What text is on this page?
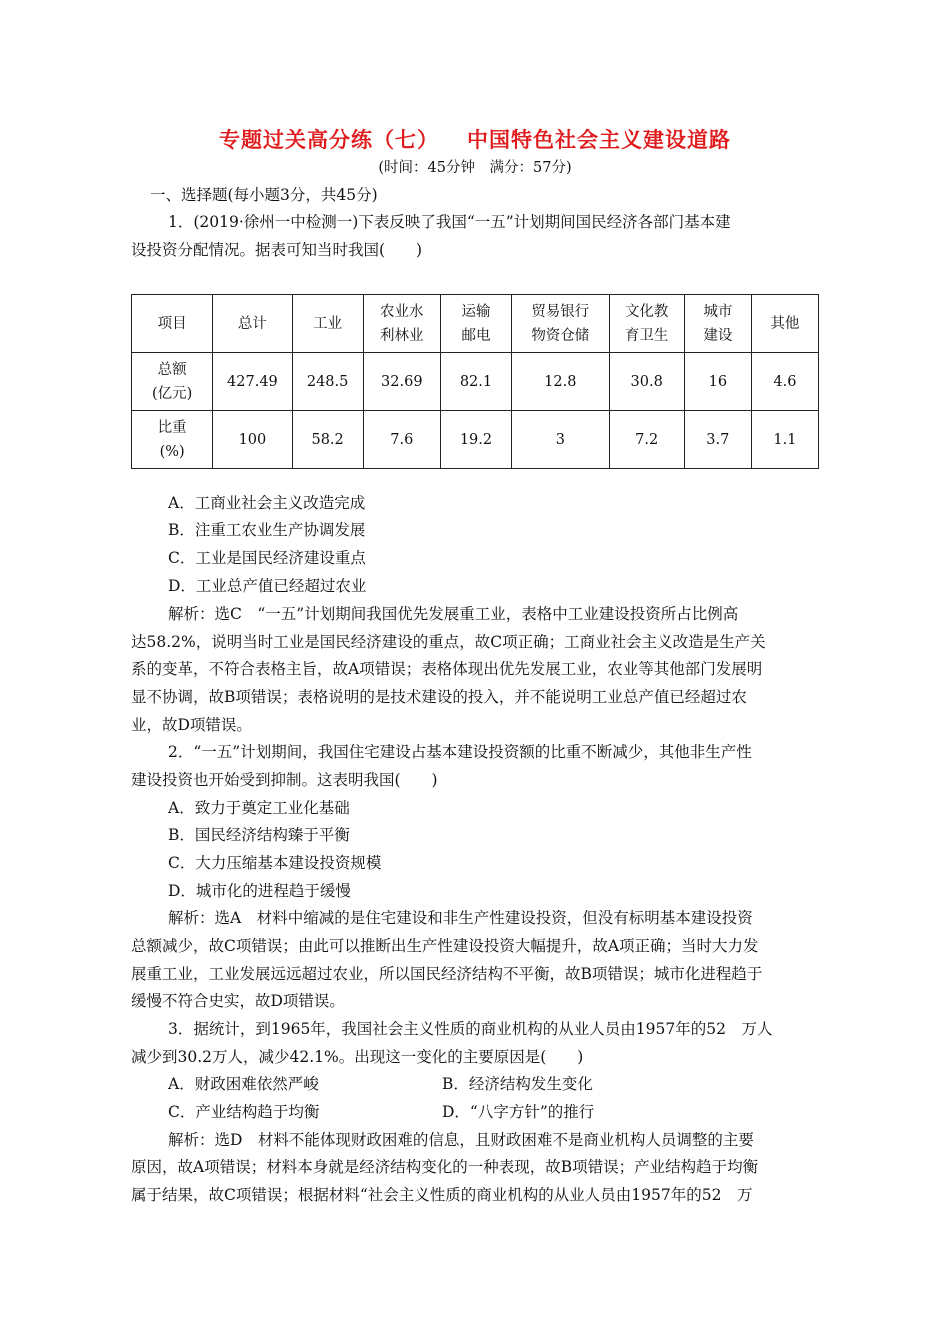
专题过关高分练（七） 中国特色社会主义建设道路
(时间：45分钟　满分：57分)
一、选择题(每小题3分，共45分)
1．(2019·徐州一中检测一)下表反映了我国“一五”计划期间国民经济各部门基本建
设投资分配情况。据表可知当时我国(　　)
项目	总计	工业	农业水
利林业	运输
邮电	贸易银行
物资仓储	文化教
育卫生	城市
建设	其他
总额
(亿元)	427.49	248.5	32.69	82.1	12.8	30.8	16	4.6
比重
(%)	100	58.2	7.6	19.2	3	7.2	3.7	1.1
A．工商业社会主义改造完成
B．注重工农业生产协调发展
C．工业是国民经济建设重点
D．工业总产值已经超过农业
解析：选C　“一五”计划期间我国优先发展重工业，表格中工业建设投资所占比例高
达58.2%，说明当时工业是国民经济建设的重点，故C项正确；工商业社会主义改造是生产关
系的变革，不符合表格主旨，故A项错误；表格体现出优先发展工业，农业等其他部门发展明
显不协调，故B项错误；表格说明的是技术建设的投入，并不能说明工业总产值已经超过农
业，故D项错误。
2．“一五”计划期间，我国住宅建设占基本建设投资额的比重不断减少，其他非生产性
建设投资也开始受到抑制。这表明我国(　　)
A．致力于奠定工业化基础
B．国民经济结构臻于平衡
C．大力压缩基本建设投资规模
D．城市化的进程趋于缓慢
解析：选A　材料中缩减的是住宅建设和非生产性建设投资，但没有标明基本建设投资
总额减少，故C项错误；由此可以推断出生产性建设投资大幅提升，故A项正确；当时大力发
展重工业，工业发展远远超过农业，所以国民经济结构不平衡，故B项错误；城市化进程趋于
缓慢不符合史实，故D项错误。
3．据统计，到1965年，我国社会主义性质的商业机构的从业人员由1957年的52　万人
减少到30.2万人，减少42.1%。出现这一变化的主要原因是(　　)
A．财政困难依然严峻	B．经济结构发生变化
C．产业结构趋于均衡	D．“八字方针”的推行
解析：选D　材料不能体现财政困难的信息，且财政困难不是商业机构人员调整的主要
原因，故A项错误；材料本身就是经济结构变化的一种表现，故B项错误；产业结构趋于均衡
属于结果，故C项错误；根据材料“社会主义性质的商业机构的从业人员由1957年的52　万
